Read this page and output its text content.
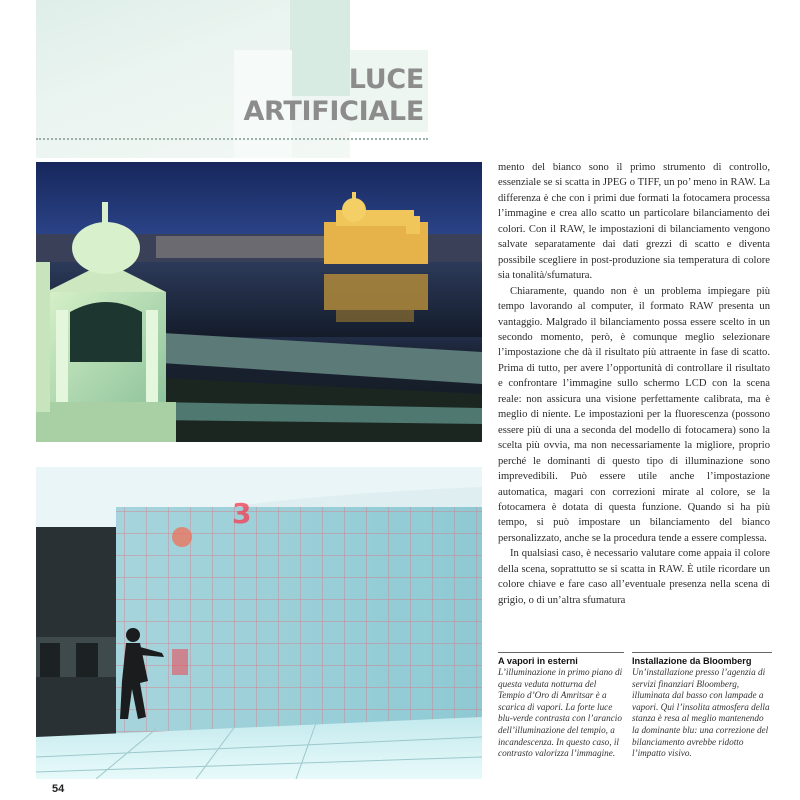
LUCE
ARTIFICIALE
3

mento del bianco sono il primo strumento di controllo, essenziale se si scatta in JPEG o TIFF, un po’ meno in RAW. La differenza è che con i primi due formati la fotocamera processa l’immagine e crea allo scatto un particolare bilanciamento dei colori. Con il RAW, le impostazioni di bilanciamento vengono salvate separatamente dai dati grezzi di scatto e diventa possibile scegliere in post-produzione sia temperatura di colore sia tonalità/sfumatura.

Chiaramente, quando non è un problema impiegare più tempo lavorando al computer, il formato RAW presenta un vantaggio. Malgrado il bilanciamento possa essere scelto in un secondo momento, però, è comunque meglio selezionare l’impostazione che dà il risultato più attraente in fase di scatto. Prima di tutto, per avere l’opportunità di controllare il risultato e confrontare l’immagine sullo schermo LCD con la scena reale: non assicura una visione perfettamente calibrata, ma è meglio di niente. Le impostazioni per la fluorescenza (possono essere più di una a seconda del modello di fotocamera) sono la scelta più ovvia, ma non necessariamente la migliore, proprio perché le dominanti di questo tipo di illuminazione sono imprevedibili. Può essere utile anche l’impostazione automatica, magari con correzioni mirate al colore, se la fotocamera è dotata di questa funzione. Quando si ha più tempo, si può impostare un bilanciamento del bianco personalizzato, anche se la procedura tende a essere complessa.

In qualsiasi caso, è necessario valutare come appaia il colore della scena, soprattutto se si scatta in RAW. È utile ricordare un colore chiave e fare caso all’eventuale presenza nella scena di grigio, o di un’altra sfumatura

A vapori in esterni
L’illuminazione in primo piano di questa veduta notturna del Tempio d’Oro di Amritsar è a scarica di vapori. La forte luce blu-verde contrasta con l’arancio dell’illuminazione del tempio, a incandescenza. In questo caso, il contrasto valorizza l’immagine.
Installazione da Bloomberg
Un’installazione presso l’agenzia di servizi finanziari Bloomberg, illuminata dal basso con lampade a vapori. Qui l’insolita atmosfera della stanza è resa al meglio mantenendo la dominante blu: una correzione del bilanciamento avrebbe ridotto l’impatto visivo.
54
